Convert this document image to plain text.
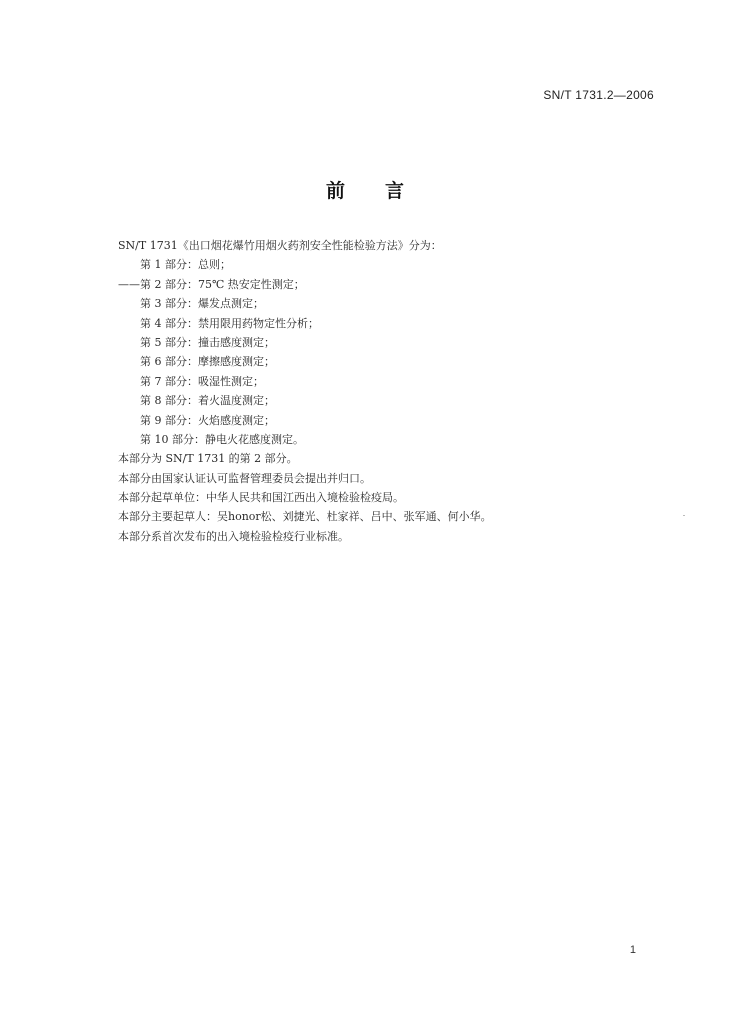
SN/T 1731.2—2006
前言
SN/T 1731《出口烟花爆竹用烟火药剂安全性能检验方法》分为：
第 1 部分：总则；
——第 2 部分：75℃ 热安定性测定；
第 3 部分：爆发点测定；
第 4 部分：禁用限用药物定性分析；
第 5 部分：撞击感度测定；
第 6 部分：摩擦感度测定；
第 7 部分：吸湿性测定；
第 8 部分：着火温度测定；
第 9 部分：火焰感度测定；
第 10 部分：静电火花感度测定。
本部分为 SN/T 1731 的第 2 部分。
本部分由国家认证认可监督管理委员会提出并归口。
本部分起草单位：中华人民共和国江西出入境检验检疫局。
本部分主要起草人：吴honor松、刘捷光、杜家祥、吕中、张军通、何小华。
本部分系首次发布的出入境检验检疫行业标准。
1
